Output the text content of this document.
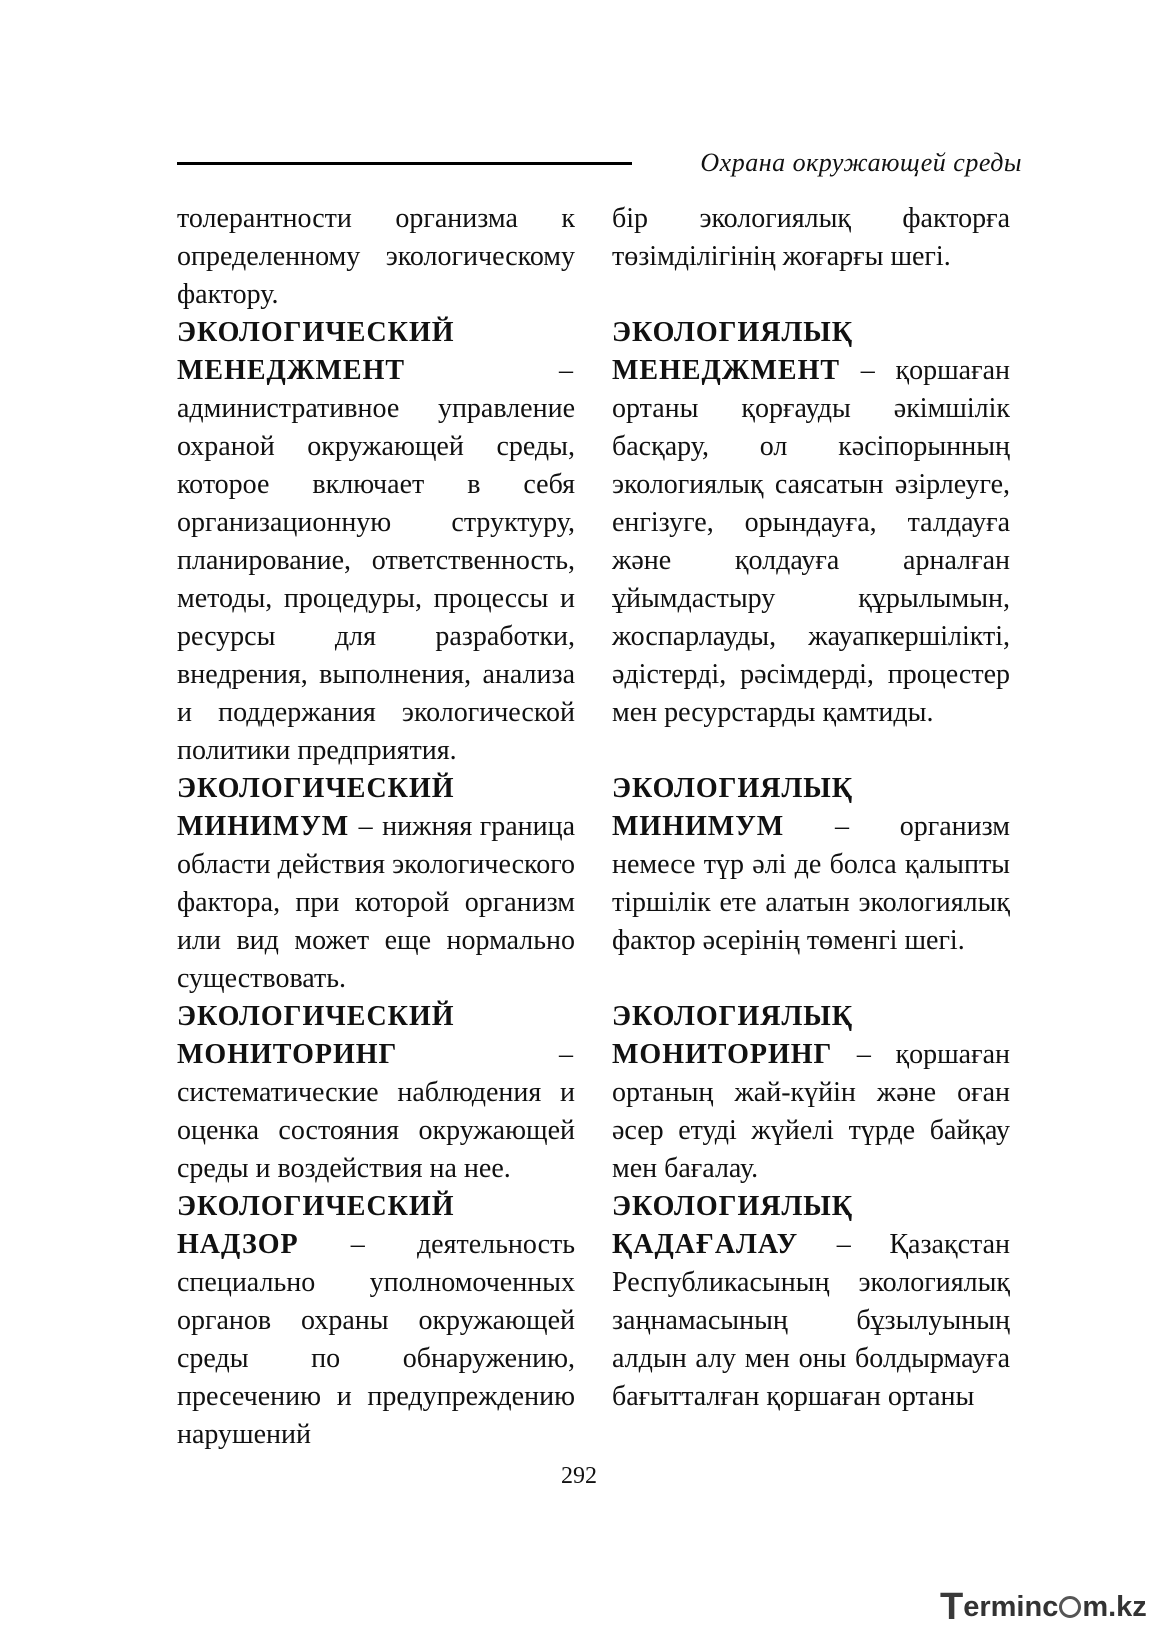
Охрана окружающей среды

толерантности организма к определенному экологическому фактору.

ЭКОЛОГИЧЕСКИЙ МЕНЕДЖМЕНТ	– административное управление охраной окружающей среды, которое включает в себя организационную структуру, планирование, ответственность, методы, процедуры, процессы и ресурсы для разработки, внедрения, выполнения, анализа и поддержания экологической политики предприятия.

ЭКОЛОГИЧЕСКИЙ МИНИМУМ – нижняя граница области действия экологического фактора, при которой организм или вид может еще нормально существовать.

ЭКОЛОГИЧЕСКИЙ МОНИТОРИНГ	– систематические наблюдения и оценка состояния окружающей среды и воздействия на нее.

ЭКОЛОГИЧЕСКИЙ НАДЗОР – деятельность специально уполномоченных органов охраны окружающей среды по обнаружению, пресечению и предупреждению нарушений

бір экологиялық факторға төзімділігінің жоғарғы шегі.

ЭКОЛОГИЯЛЫҚ МЕНЕДЖМЕНТ – қоршаған ортаны қорғауды әкімшілік басқару, ол кәсіпорынның экологиялық саясатын әзірлеуге, енгізуге, орындауға, талдауға және қолдауға арналған ұйымдастыру құрылымын, жоспарлауды, жауапкершілікті, әдістерді, рәсімдерді, процестер мен ресурстарды қамтиды.

ЭКОЛОГИЯЛЫҚ МИНИМУМ – организм немесе түр әлі де болса қалыпты тіршілік ете алатын экологиялық фактор әсерінің төменгі шегі.

ЭКОЛОГИЯЛЫҚ МОНИТОРИНГ – қоршаған ортаның жай-күйін және оған әсер етуді жүйелі түрде байқау мен бағалау.

ЭКОЛОГИЯЛЫҚ ҚАДАҒАЛАУ – Қазақстан Республикасының экологиялық заңнамасының бұзылуының алдын алу мен оны болдырмауға бағытталған қоршаған ортаны

292
Terminc m.kz
